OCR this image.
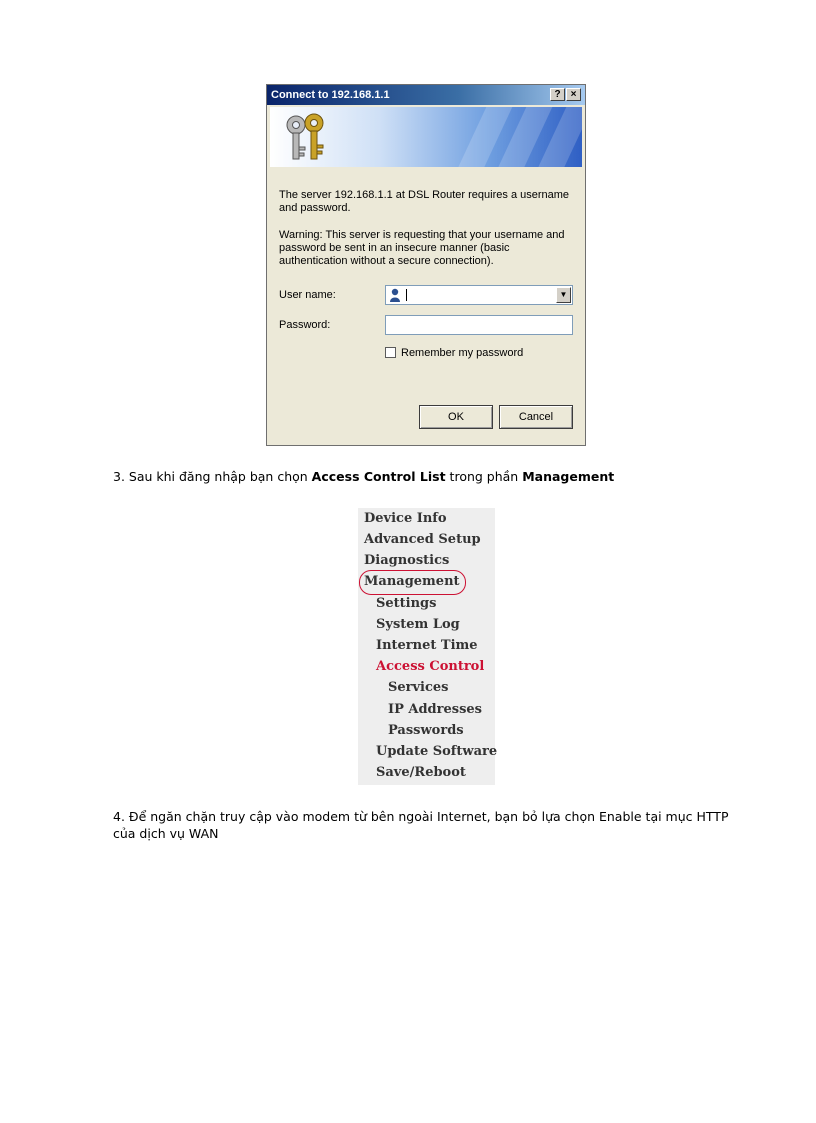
Connect to 192.168.1.1	?	×
The server 192.168.1.1 at DSL Router requires a username and password.
Warning: This server is requesting that your username and password be sent in an insecure manner (basic authentication without a secure connection).
User name:	▼
Password:
Remember my password
OK	Cancel
3. Sau khi đăng nhập bạn chọn Access Control List trong phần Management
Device Info
Advanced Setup
Diagnostics
Management
Settings
System Log
Internet Time
Access Control
Services
IP Addresses
Passwords
Update Software
Save/Reboot
4. Để ngăn chặn truy cập vào modem từ bên ngoài Internet, bạn bỏ lựa chọn Enable tại mục HTTP của dịch vụ WAN
